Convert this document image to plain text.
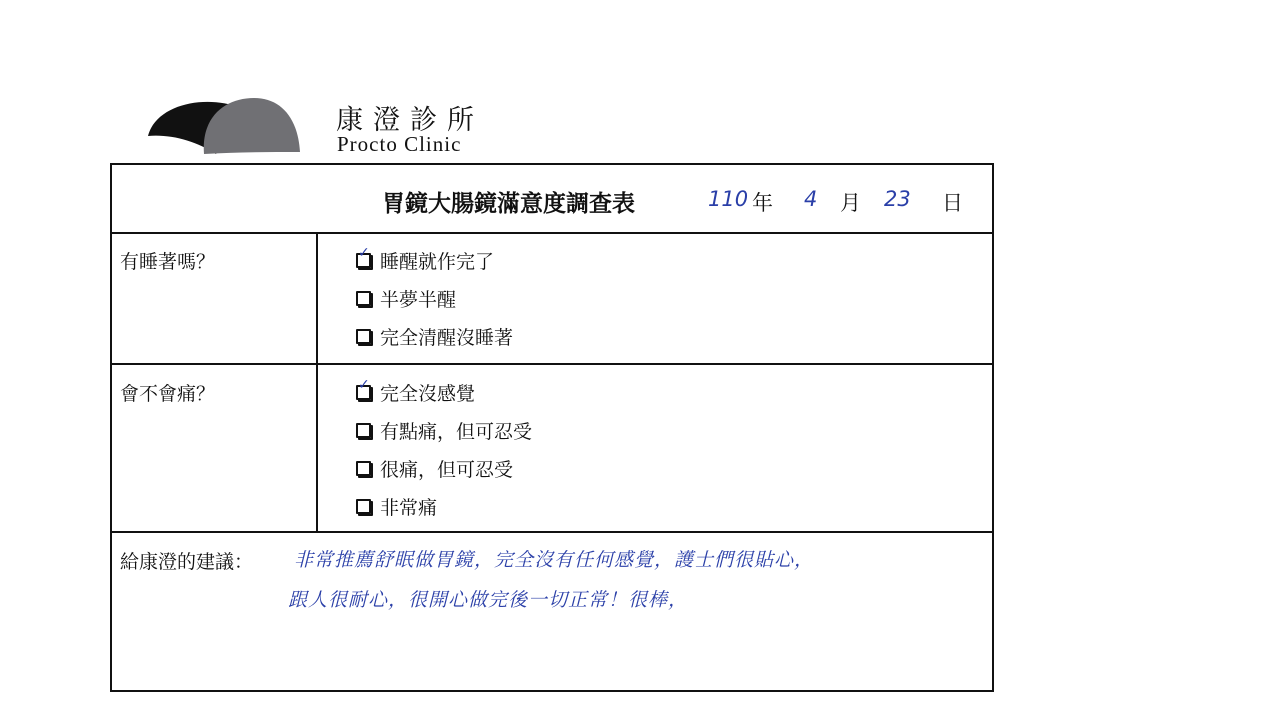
康澄診所
Procto Clinic
胃鏡大腸鏡滿意度調查表	110 年 4 月 23 日
有睡著嗎？ ✓	睡醒就作完了
半夢半醒
完全清醒沒睡著
會不會痛？ ✓	完全沒感覺
有點痛，但可忍受
很痛，但可忍受
非常痛
給康澄的建議： 非常推薦舒眠做胃鏡，完全沒有任何感覺，護士們很貼心，
跟人很耐心，很開心做完後一切正常！很棒，
